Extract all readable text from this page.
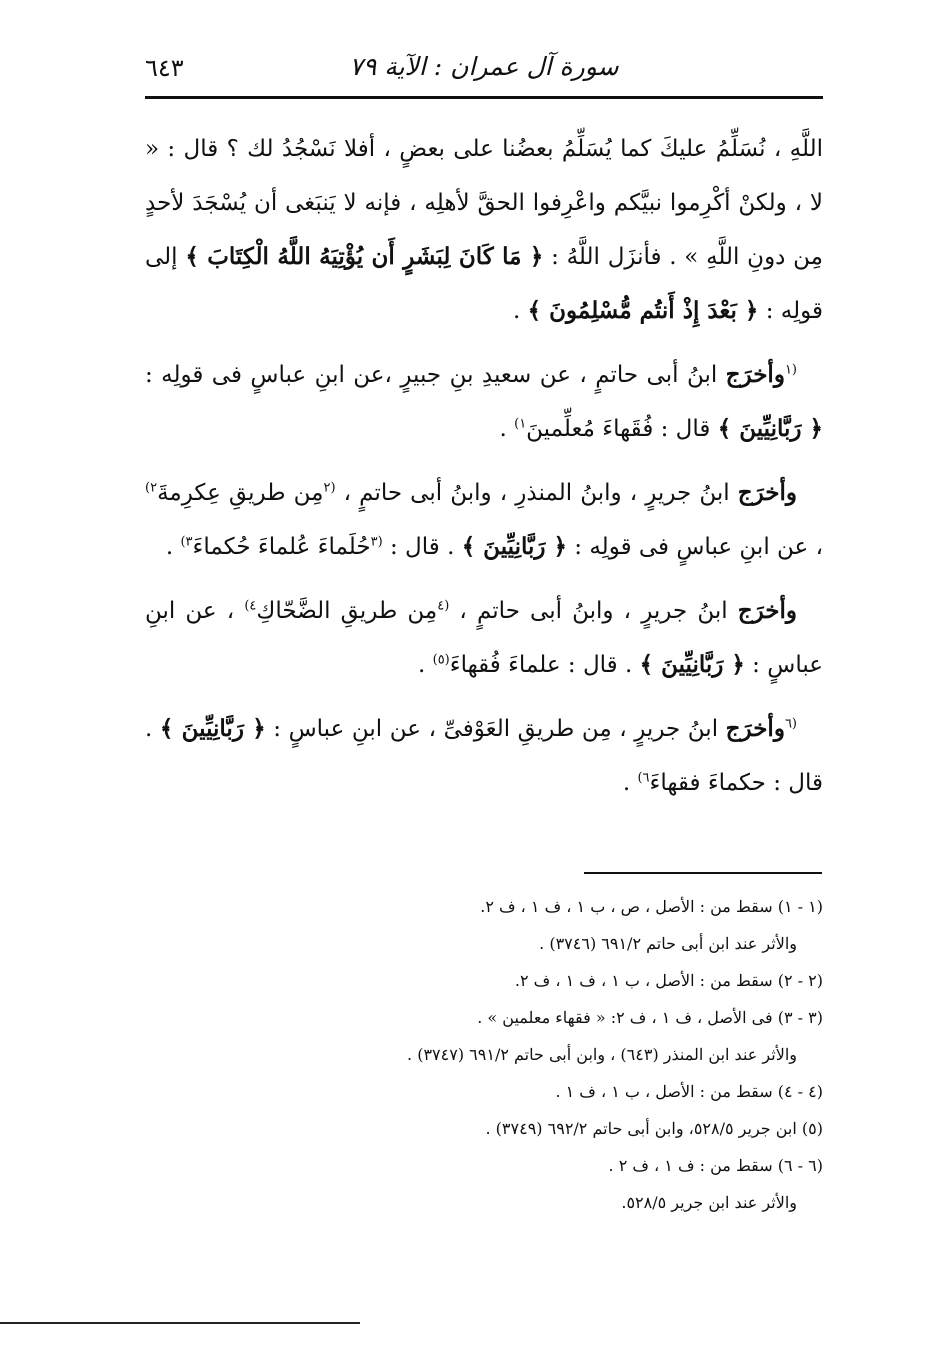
٦٤٣	سورة آل عمران : الآية ٧٩

اللَّهِ ، نُسَلِّمُ عليكَ كما يُسَلِّمُ بعضُنا على بعضٍ ، أفلا نَسْجُدُ لك ؟ قال : « لا ، ولكنْ أكْرِموا نبيَّكم واعْرِفوا الحقَّ لأهلِه ، فإنه لا يَنبَغى أن يُسْجَدَ لأحدٍ مِن دونِ اللَّهِ » . فأنزَل اللَّهُ : ﴿ مَا كَانَ لِبَشَرٍ أَن يُؤْتِيَهُ اللَّهُ الْكِتَابَ ﴾ إلى قولِه : ﴿ بَعْدَ إِذْ أَنتُم مُّسْلِمُونَ ﴾ .

$^{(١}$وأخرَج ابنُ أبى حاتمٍ ، عن سعيدِ بنِ جبيرٍ ،عن ابنِ عباسٍ فى قولِه : ﴿ رَبَّانِيِّينَ ﴾ قال : فُقَهاءَ مُعلِّمينَ$^{١)}$ .

وأخرَج ابنُ جريرٍ ، وابنُ المنذرِ ، وابنُ أبى حاتمٍ ، $^{(٢}$مِن طريقِ عِكرِمةَ$^{٢)}$ ، عن ابنِ عباسٍ فى قولِه : ﴿ رَبَّانِيِّينَ ﴾ . قال : $^{(٣}$حُلَماءَ عُلماءَ حُكماءَ$^{٣)}$ .

وأخرَج ابنُ جريرٍ ، وابنُ أبى حاتمٍ ، $^{(٤}$مِن طريقِ الضَّحّاكِ$^{٤)}$ ، عن ابنِ عباسٍ : ﴿ رَبَّانِيِّينَ ﴾ . قال : علماءَ فُقهاءَ$^{(٥)}$ .

$^{(٦}$وأخرَج ابنُ جريرٍ ، مِن طريقِ العَوْفىِّ ، عن ابنِ عباسٍ : ﴿ رَبَّانِيِّينَ ﴾ . قال : حكماءَ فقهاءَ$^{٦)}$ .

(١ - ١) سقط من : الأصل ، ص ، ب ١ ، ف ١ ، ف ٢.
والأثر عند ابن أبى حاتم ٦٩١/٢ (٣٧٤٦) .
(٢ - ٢) سقط من : الأصل ، ب ١ ، ف ١ ، ف ٢.
(٣ - ٣) فى الأصل ، ف ١ ، ف ٢: « فقهاء معلمين » .
والأثر عند ابن المنذر (٦٤٣) ، وابن أبى حاتم ٦٩١/٢ (٣٧٤٧) .
(٤ - ٤) سقط من : الأصل ، ب ١ ، ف ١ .
(٥) ابن جرير ٥٢٨/٥، وابن أبى حاتم ٦٩٢/٢ (٣٧٤٩) .
(٦ - ٦) سقط من : ف ١ ، ف ٢ .
والأثر عند ابن جرير ٥٢٨/٥.
